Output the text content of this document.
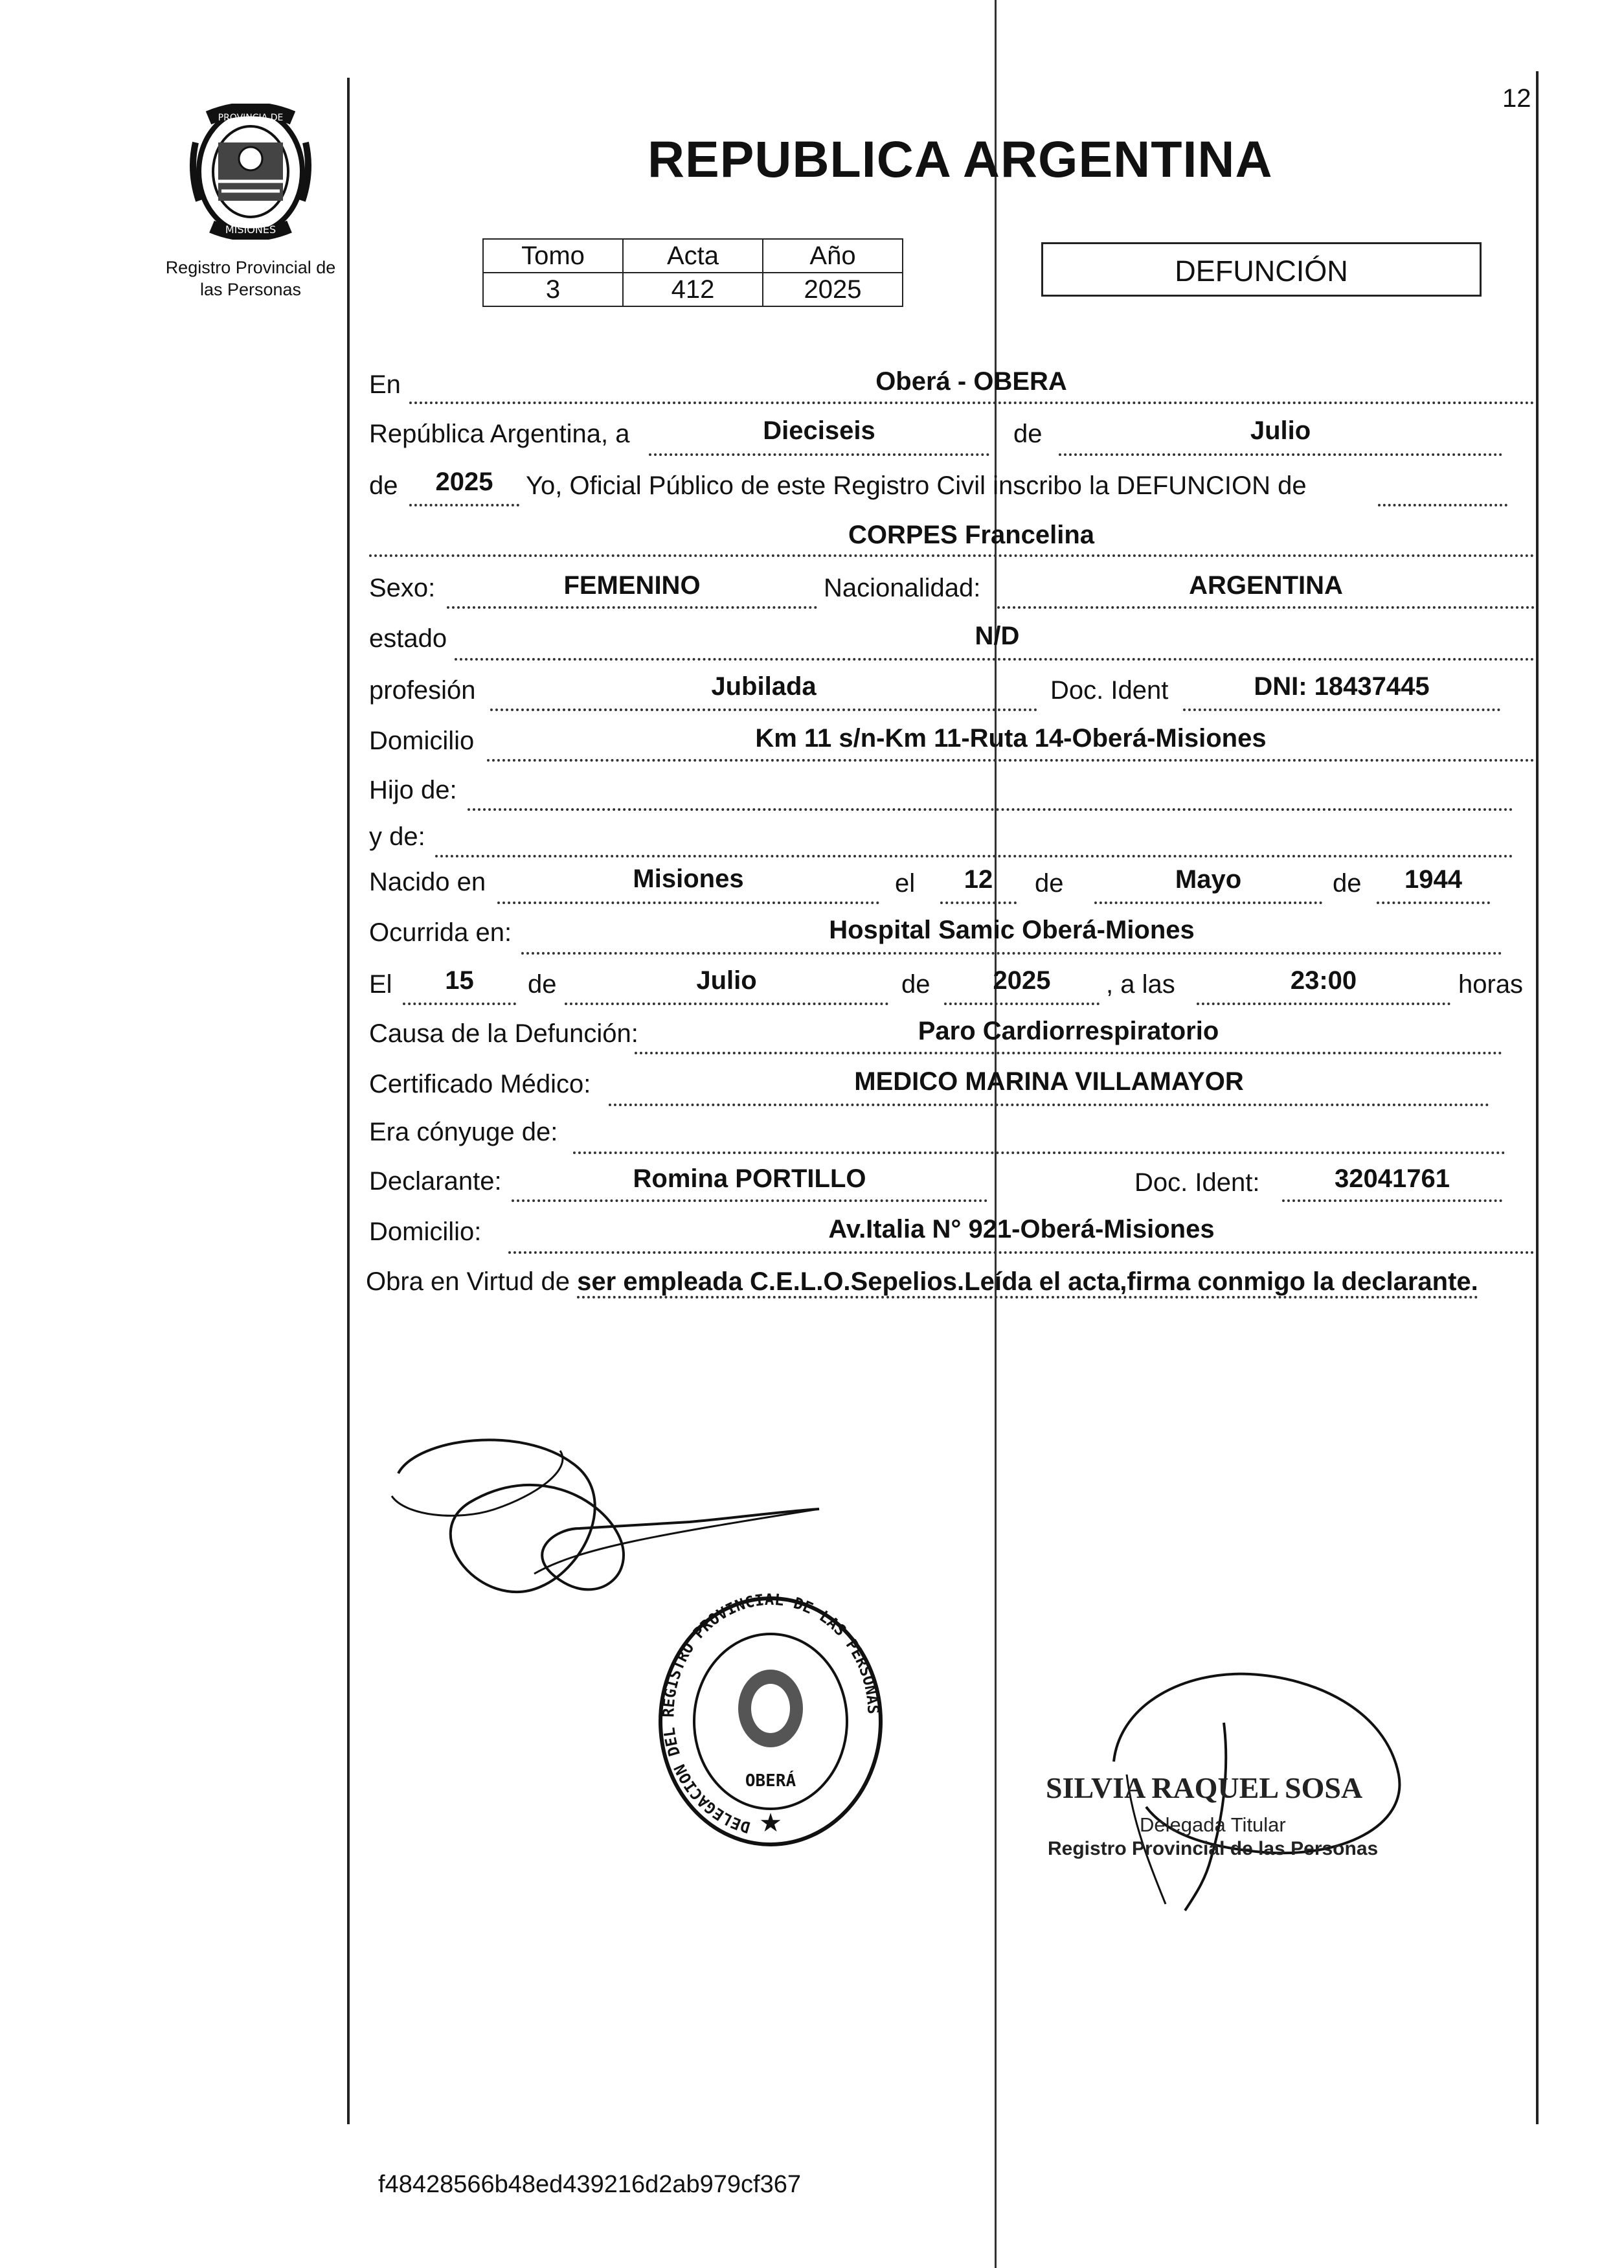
12
PROVINCIA DE
MISIONES
Registro Provincial de
las Personas
REPUBLICA ARGENTINA
Tomo	Acta	Año
3	412	2025
DEFUNCIÓN
En	Oberá - OBERA
República Argentina, a	Dieciseis	de	Julio
de	2025	Yo, Oficial Público de este Registro Civil inscribo la DEFUNCION de
CORPES Francelina
Sexo:	FEMENINO	Nacionalidad:	ARGENTINA
estado	N/D
profesión	Jubilada	Doc. Ident	DNI: 18437445
Domicilio	Km 11 s/n-Km 11-Ruta 14-Oberá-Misiones
Hijo de:
y de:
Nacido en	Misiones	el	12	de	Mayo	de	1944
Ocurrida en:	Hospital Samic Oberá-Miones
El	15	de	Julio	de	2025	, a las	23:00	horas
Causa de la Defunción:	Paro Cardiorrespiratorio
Certificado Médico:	MEDICO MARINA VILLAMAYOR
Era cónyuge de:
Declarante:	Romina PORTILLO	Doc. Ident:	32041761
Domicilio:	Av.Italia N° 921-Oberá-Misiones
Obra en Virtud de ser empleada C.E.L.O.Sepelios.Leída el acta,firma conmigo la declarante.
DELEGACION DEL REGISTRO PROVINCIAL DE LAS PERSONAS
OBERÁ
★
SILVIA RAQUEL SOSA
Delegada Titular
Registro Provincial de las Personas
f48428566b48ed439216d2ab979cf367
